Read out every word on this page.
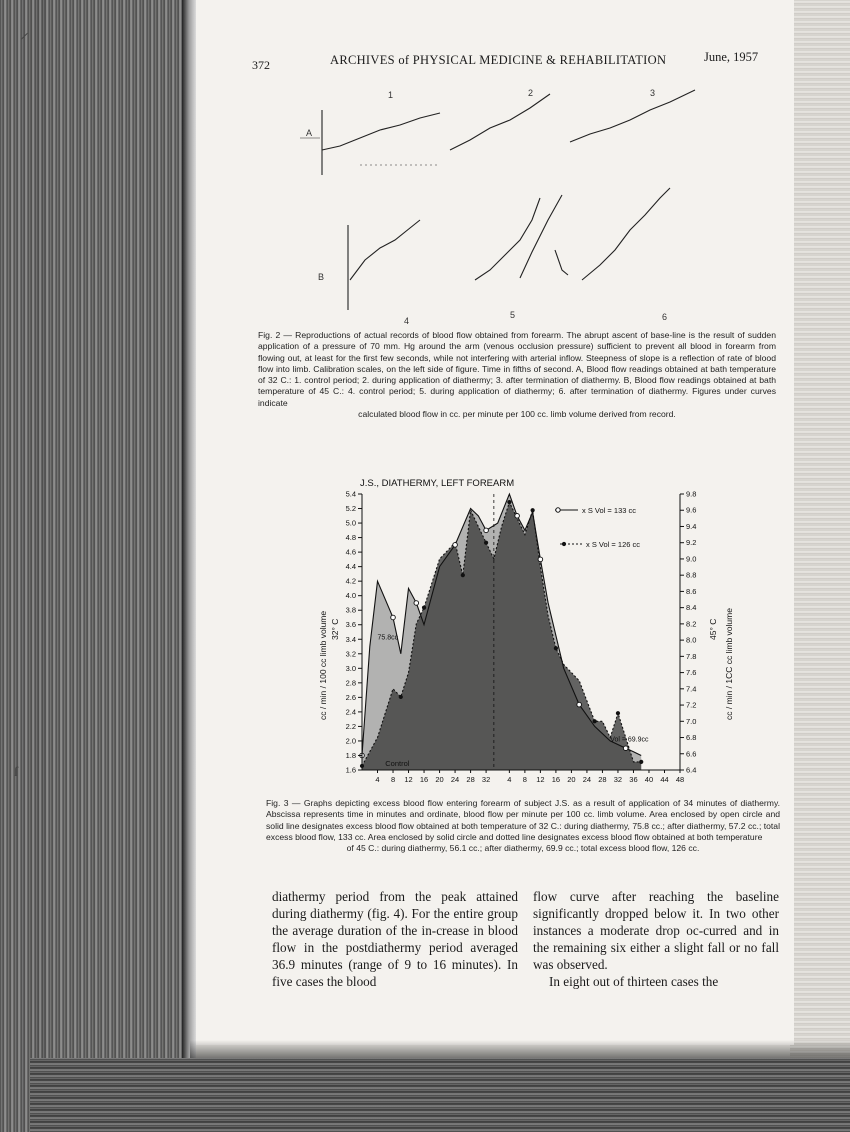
⸝
ſ
372	ARCHIVES of PHYSICAL MEDICINE & REHABILITATION	June, 1957
A
B
1	2	3
4
5	6
Fig. 2 — Reproductions of actual records of blood flow obtained from forearm. The abrupt ascent of base-line is the result of sudden application of a pressure of 70 mm. Hg around the arm (venous occlusion pressure) sufficient to prevent all blood in forearm from flowing out, at least for the first few seconds, while not interfering with arterial inflow. Steepness of slope is a reflection of rate of blood flow into limb. Calibration scales, on the left side of figure. Time in fifths of second. A, Blood flow readings obtained at bath temperature of 32 C.: 1. control period; 2. during application of diathermy; 3. after termination of diathermy. B, Blood flow readings obtained at bath temperature of 45 C.: 4. control period; 5. during application of diathermy; 6. after termination of diathermy. Figures under curves indicate
calculated blood flow in cc. per minute per 100 cc. limb volume derived from record.
J.S., DIATHERMY, LEFT FOREARM
cc / min / 100 cc limb volume 32° C	cc / min / 1CC cc limb volume
45° C
1.6
1.8
2.0
2.2
2.4
2.6
2.8
3.0
3.2
3.4
3.6
3.8
4.0
4.2
4.4
4.6
4.8
5.0
5.2
5.4
6.4
6.6
6.8
7.0
7.2
7.4
7.6
7.8
8.0
8.2
8.4
8.6
8.8
9.0
9.2
9.4
9.6
9.8
4 8 12 16 20 24 28 32 4 8 12 16 20 24 28 32 36 40 44 48
x S Vol = 133 cc
x S Vol = 126 cc
75.8cc
Vol = 69.9cc
Control
Fig. 3 — Graphs depicting excess blood flow entering forearm of subject J.S. as a result of application of 34 minutes of diathermy. Abscissa represents time in minutes and ordinate, blood flow per minute per 100 cc. limb volume. Area enclosed by open circle and solid line designates excess blood flow obtained at both temperature of 32 C.: during diathermy, 75.8 cc.; after diathermy, 57.2 cc.; total excess blood flow, 133 cc. Area enclosed by solid circle and dotted line designates excess blood flow obtained at both temperature
of 45 C.: during diathermy, 56.1 cc.; after diathermy, 69.9 cc.; total excess blood flow, 126 cc.

diathermy period from the peak attained during diathermy (fig. 4). For the entire group the average duration of the in-crease in blood flow in the postdiathermy period averaged 36.9 minutes (range of 9 to 16 minutes). In five cases the blood

flow curve after reaching the baseline significantly dropped below it. In two other instances a moderate drop oc-curred and in the remaining six either a slight fall or no fall was observed.

In eight out of thirteen cases the
